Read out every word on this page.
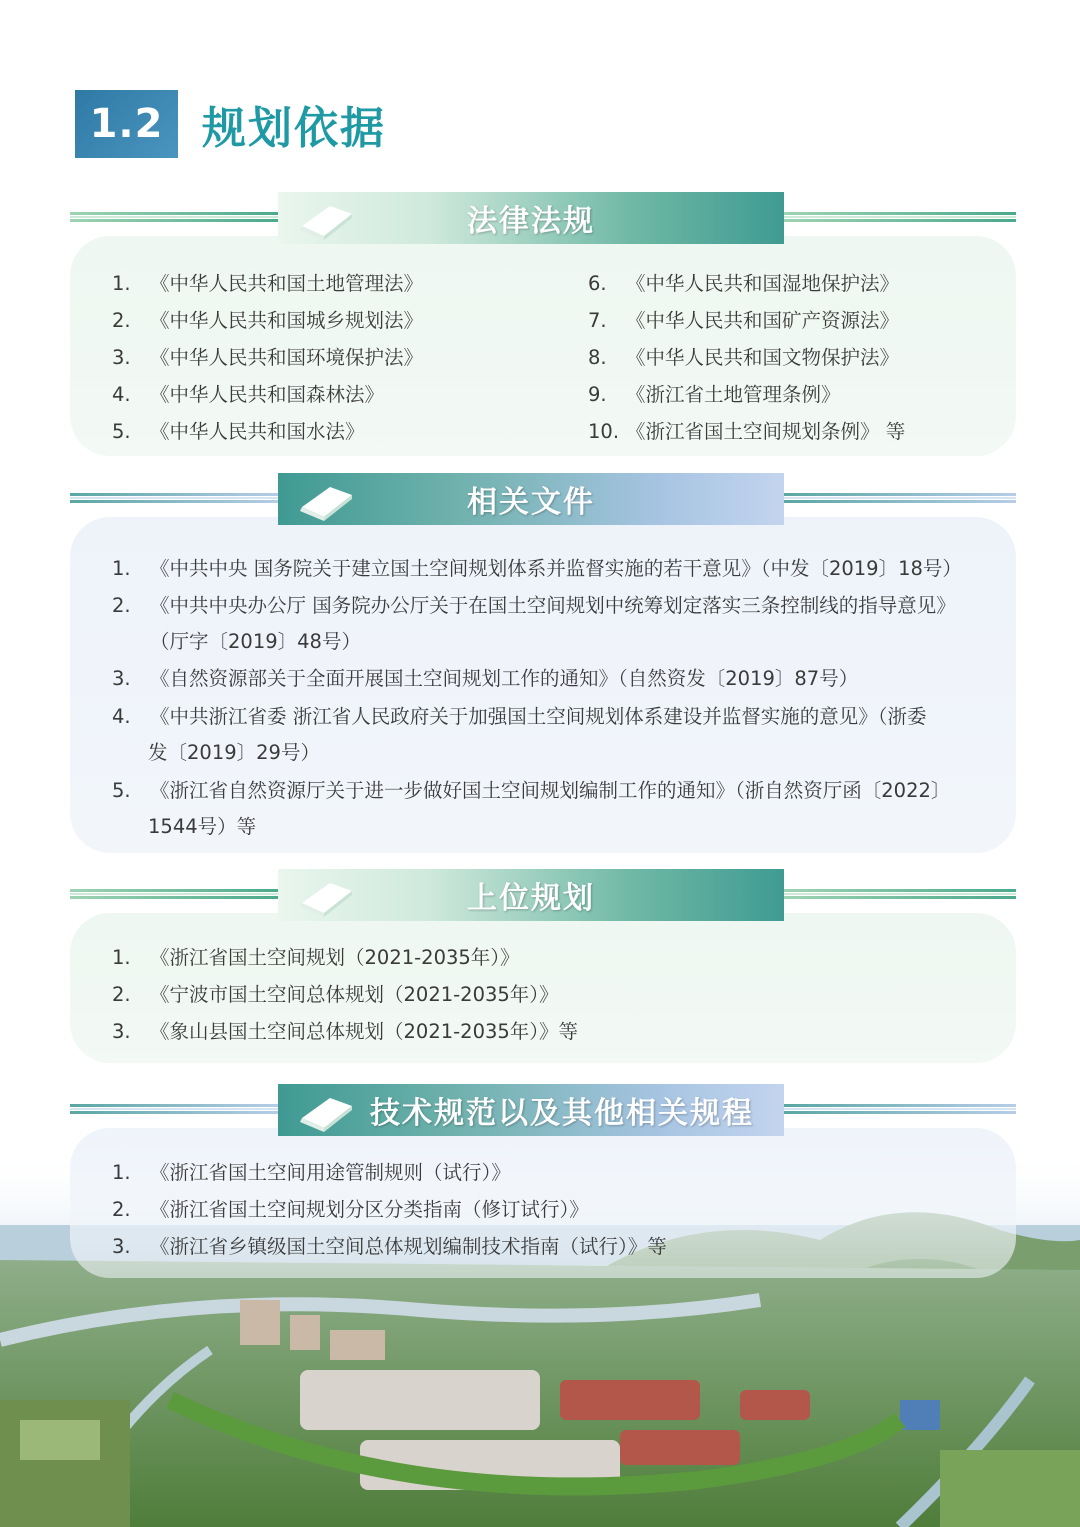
1.2 规划依据
法律法规
1. 《中华人民共和国土地管理法》
2. 《中华人民共和国城乡规划法》
3. 《中华人民共和国环境保护法》
4. 《中华人民共和国森林法》
5. 《中华人民共和国水法》
6. 《中华人民共和国湿地保护法》
7. 《中华人民共和国矿产资源法》
8. 《中华人民共和国文物保护法》
9. 《浙江省土地管理条例》
10. 《浙江省国土空间规划条例》 等
相关文件
1. 《中共中央 国务院关于建立国土空间规划体系并监督实施的若干意见》（中发〔2019〕18号）
2. 《中共中央办公厅 国务院办公厅关于在国土空间规划中统筹划定落实三条控制线的指导意见》
（厅字〔2019〕48号）
3. 《自然资源部关于全面开展国土空间规划工作的通知》（自然资发〔2019〕87号）
4. 《中共浙江省委 浙江省人民政府关于加强国土空间规划体系建设并监督实施的意见》（浙委
发〔2019〕29号）
5. 《浙江省自然资源厅关于进一步做好国土空间规划编制工作的通知》（浙自然资厅函〔2022〕
1544号）等
上位规划
1. 《浙江省国土空间规划（2021-2035年）》
2. 《宁波市国土空间总体规划（2021-2035年）》
3. 《象山县国土空间总体规划（2021-2035年）》等
技术规范以及其他相关规程
1. 《浙江省国土空间用途管制规则（试行）》
2. 《浙江省国土空间规划分区分类指南（修订试行）》
3. 《浙江省乡镇级国土空间总体规划编制技术指南（试行）》等
